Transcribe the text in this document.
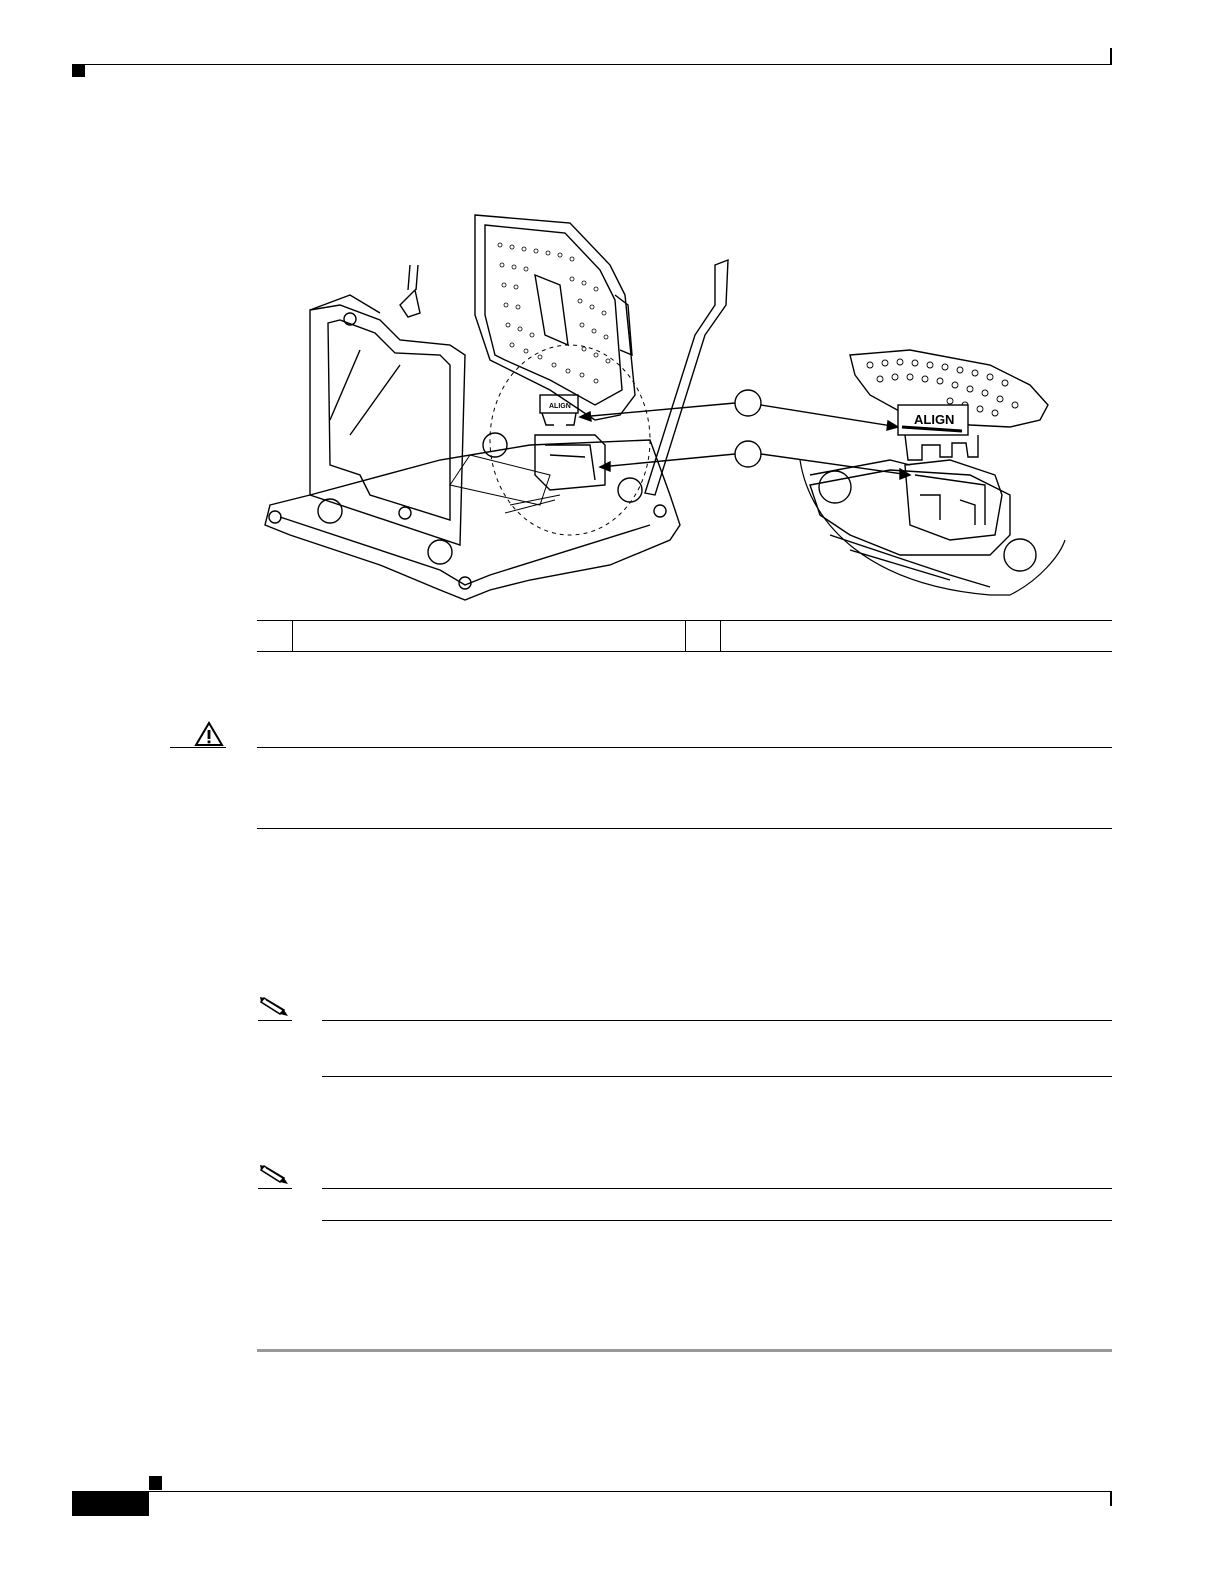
ALIGN
ALIGN
